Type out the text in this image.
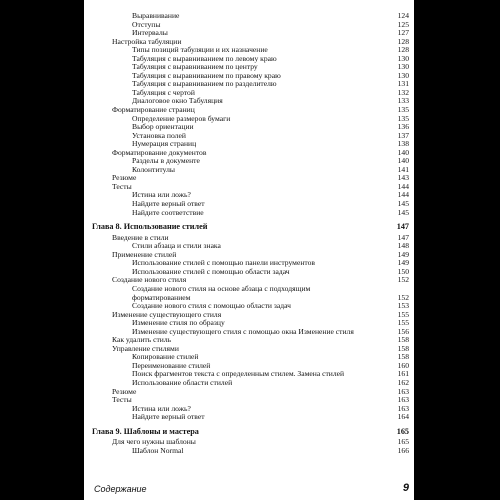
Выравнивание	124
Отступы	125
Интервалы	127
Настройка табуляции	128
Типы позиций табуляции и их назначение	128
Табуляция с выравниванием по левому краю	130
Табуляция с выравниванием по центру	130
Табуляция с выравниванием по правому краю	130
Табуляция с выравниванием по разделителю	131
Табуляция с чертой	132
Диалоговое окно Табуляция	133
Форматирование страниц	135
Определение размеров бумаги	135
Выбор ориентации	136
Установка полей	137
Нумерация страниц	138
Форматирование документов	140
Разделы в документе	140
Колонтитулы	141
Резюме	143
Тесты	144
Истина или ложь?	144
Найдите верный ответ	145
Найдите соответствие	145
Глава 8. Использование стилей	147
Введение в стили	147
Стили абзаца и стили знака	148
Применение стилей	149
Использование стилей с помощью панели инструментов	149
Использование стилей с помощью области задач	150
Создание нового стиля	152
Создание нового стиля на основе абзаца с подходящим
форматированием	152
Создание нового стиля с помощью области задач	153
Изменение существующего стиля	155
Изменение стиля по образцу	155
Изменение существующего стиля с помощью окна Изменение стиля	156
Как удалить стиль	158
Управление стилями	158
Копирование стилей	158
Переименование стилей	160
Поиск фрагментов текста с определенным стилем. Замена стилей	161
Использование области стилей	162
Резюме	163
Тесты	163
Истина или ложь?	163
Найдите верный ответ	164
Глава 9. Шаблоны и мастера	165
Для чего нужны шаблоны	165
Шаблон Normal	166
Содержание	9
